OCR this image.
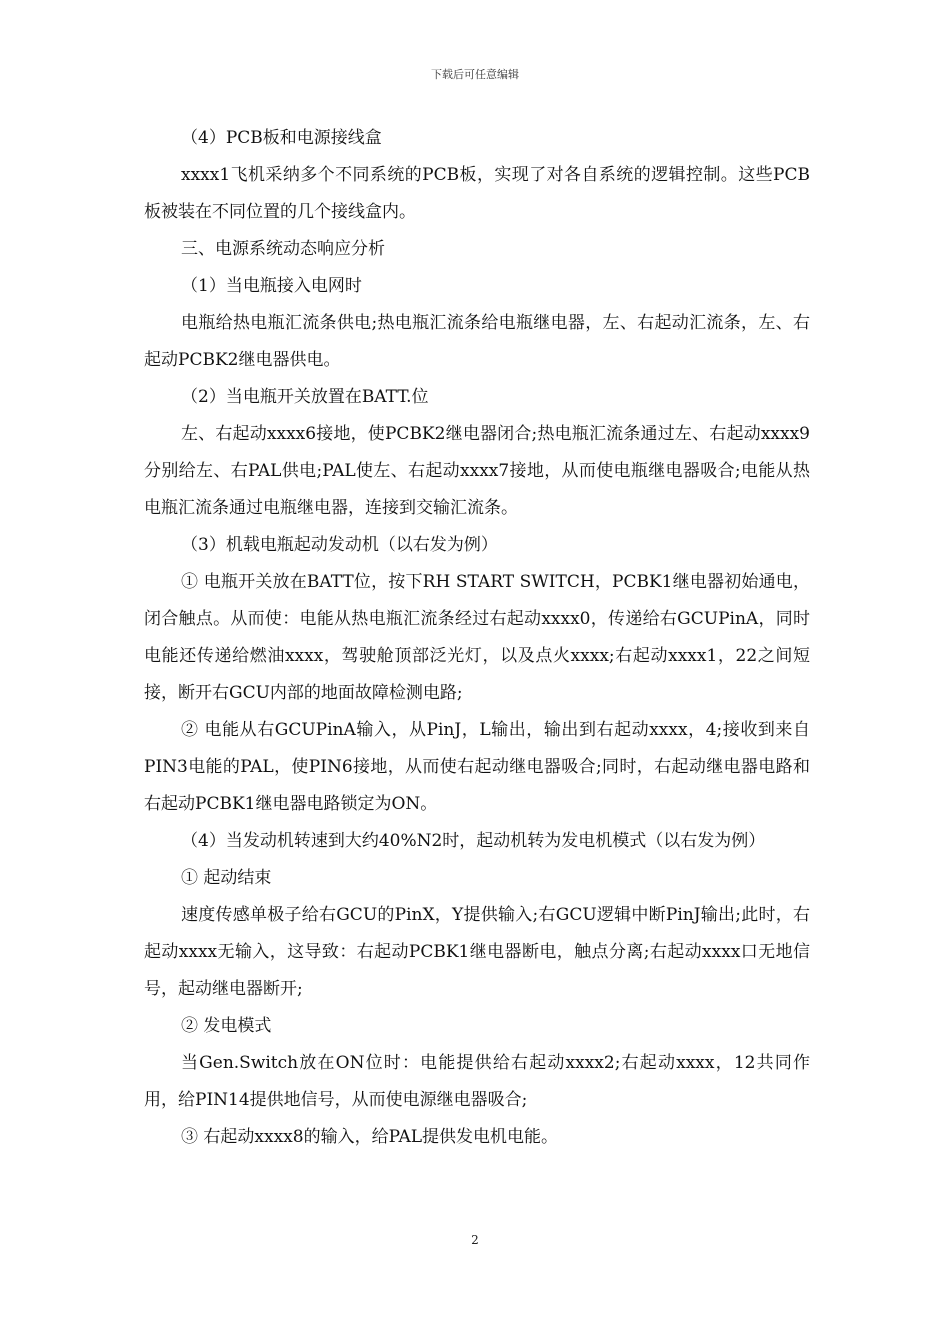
下载后可任意编辑

（4）PCB板和电源接线盒

xxxx1飞机采纳多个不同系统的PCB板，实现了对各自系统的逻辑控制。这些PCB板被装在不同位置的几个接线盒内。

三、电源系统动态响应分析

（1）当电瓶接入电网时

电瓶给热电瓶汇流条供电;热电瓶汇流条给电瓶继电器，左、右起动汇流条，左、右起动PCBK2继电器供电。

（2）当电瓶开关放置在BATT.位

左、右起动xxxx6接地，使PCBK2继电器闭合;热电瓶汇流条通过左、右起动xxxx9分别给左、右PAL供电;PAL使左、右起动xxxx7接地，从而使电瓶继电器吸合;电能从热电瓶汇流条通过电瓶继电器，连接到交输汇流条。

（3）机载电瓶起动发动机（以右发为例）

① 电瓶开关放在BATT位，按下RH START SWITCH，PCBK1继电器初始通电，闭合触点。从而使：电能从热电瓶汇流条经过右起动xxxx0，传递给右GCUPinA，同时电能还传递给燃油xxxx，驾驶舱顶部泛光灯，以及点火xxxx;右起动xxxx1，22之间短接，断开右GCU内部的地面故障检测电路;

② 电能从右GCUPinA输入，从PinJ，L输出，输出到右起动xxxx，4;接收到来自PIN3电能的PAL，使PIN6接地，从而使右起动继电器吸合;同时，右起动继电器电路和右起动PCBK1继电器电路锁定为ON。

（4）当发动机转速到大约40%N2时，起动机转为发电机模式（以右发为例）

① 起动结束

速度传感单极子给右GCU的PinX，Y提供输入;右GCU逻辑中断PinJ输出;此时，右起动xxxx无输入，这导致：右起动PCBK1继电器断电，触点分离;右起动xxxx口无地信号，起动继电器断开;

② 发电模式

当Gen.Switch放在ON位时：电能提供给右起动xxxx2;右起动xxxx，12共同作用，给PIN14提供地信号，从而使电源继电器吸合;

③ 右起动xxxx8的输入，给PAL提供发电机电能。

2
